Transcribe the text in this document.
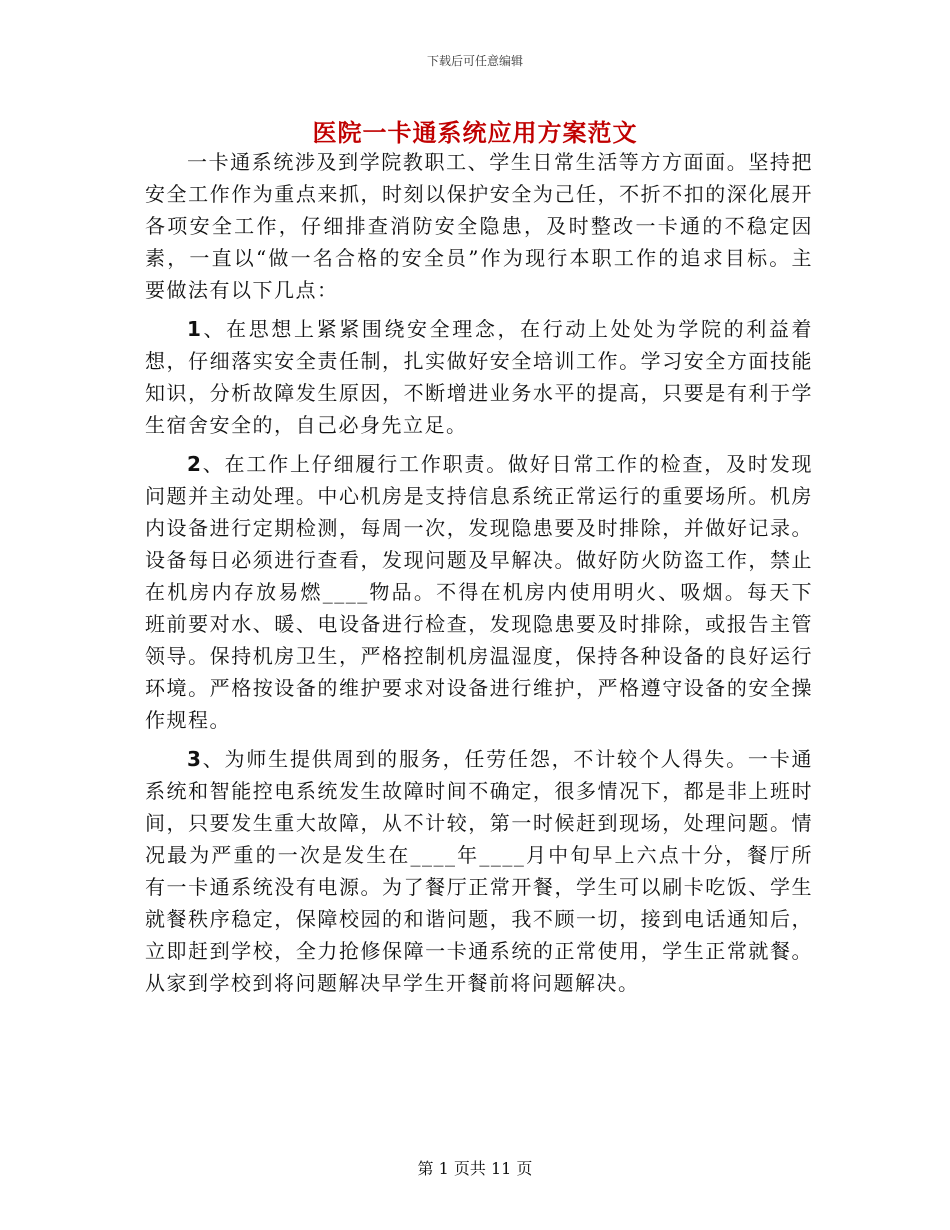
下载后可任意编辑
医院一卡通系统应用方案范文

一卡通系统涉及到学院教职工、学生日常生活等方方面面。坚持把安全工作作为重点来抓，时刻以保护安全为己任，不折不扣的深化展开各项安全工作，仔细排查消防安全隐患，及时整改一卡通的不稳定因素，一直以“做一名合格的安全员”作为现行本职工作的追求目标。主要做法有以下几点：

1、在思想上紧紧围绕安全理念，在行动上处处为学院的利益着想，仔细落实安全责任制，扎实做好安全培训工作。学习安全方面技能知识，分析故障发生原因，不断增进业务水平的提高，只要是有利于学生宿舍安全的，自己必身先立足。

2、在工作上仔细履行工作职责。做好日常工作的检查，及时发现问题并主动处理。中心机房是支持信息系统正常运行的重要场所。机房内设备进行定期检测，每周一次，发现隐患要及时排除，并做好记录。设备每日必须进行查看，发现问题及早解决。做好防火防盗工作，禁止在机房内存放易燃____物品。不得在机房内使用明火、吸烟。每天下班前要对水、暖、电设备进行检查，发现隐患要及时排除，或报告主管领导。保持机房卫生，严格控制机房温湿度，保持各种设备的良好运行环境。严格按设备的维护要求对设备进行维护，严格遵守设备的安全操作规程。

3、为师生提供周到的服务，任劳任怨，不计较个人得失。一卡通系统和智能控电系统发生故障时间不确定，很多情况下，都是非上班时间，只要发生重大故障，从不计较，第一时候赶到现场，处理问题。情况最为严重的一次是发生在____年____月中旬早上六点十分，餐厅所有一卡通系统没有电源。为了餐厅正常开餐，学生可以刷卡吃饭、学生就餐秩序稳定，保障校园的和谐问题，我不顾一切，接到电话通知后，立即赶到学校，全力抢修保障一卡通系统的正常使用，学生正常就餐。从家到学校到将问题解决早学生开餐前将问题解决。

第 1 页共 11 页
